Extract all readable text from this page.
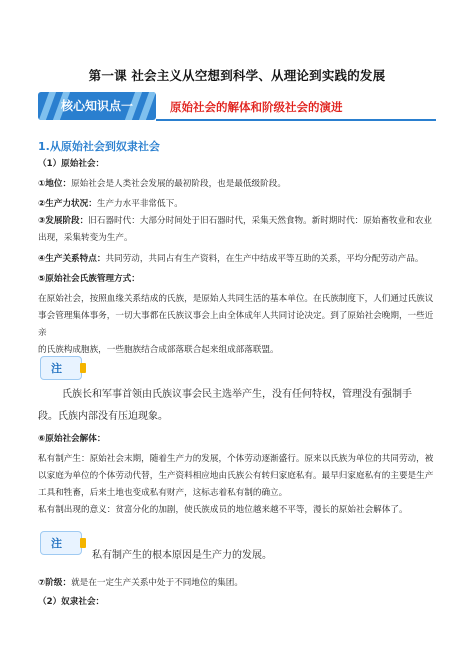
第一课 社会主义从空想到科学、从理论到实践的发展
核心知识点一	原始社会的解体和阶级社会的演进
1.从原始社会到奴隶社会
（1）原始社会：
①地位：原始社会是人类社会发展的最初阶段，也是最低级阶段。
②生产力状况：生产力水平非常低下。
③发展阶段：旧石器时代：大部分时间处于旧石器时代，采集天然食物。新时期时代：原始畜牧业和农业
出现，采集转变为生产。
④生产关系特点：共同劳动，共同占有生产资料，在生产中结成平等互助的关系，平均分配劳动产品。
⑤原始社会氏族管理方式：
在原始社会，按照血缘关系结成的氏族，是原始人共同生活的基本单位。在氏族制度下，人们通过氏族议
事会管理集体事务，一切大事都在氏族议事会上由全体成年人共同讨论决定。到了原始社会晚期，一些近亲
的氏族构成胞族，一些胞族结合成部落联合起来组成部落联盟。
注
氏族长和军事首领由氏族议事会民主选举产生，没有任何特权，管理没有强制手
段。氏族内部没有压迫现象。
⑥原始社会解体：
私有制产生：原始社会末期，随着生产力的发展，个体劳动逐渐盛行。原来以氏族为单位的共同劳动，被
以家庭为单位的个体劳动代替，生产资料相应地由氏族公有转归家庭私有。最早归家庭私有的主要是生产
工具和牲畜，后来土地也变成私有财产，这标志着私有制的确立。
私有制出现的意义：贫富分化的加剧，使氏族成员的地位越来越不平等，漫长的原始社会解体了。
注
私有制产生的根本原因是生产力的发展。
⑦阶级：就是在一定生产关系中处于不同地位的集团。
（2）奴隶社会：
